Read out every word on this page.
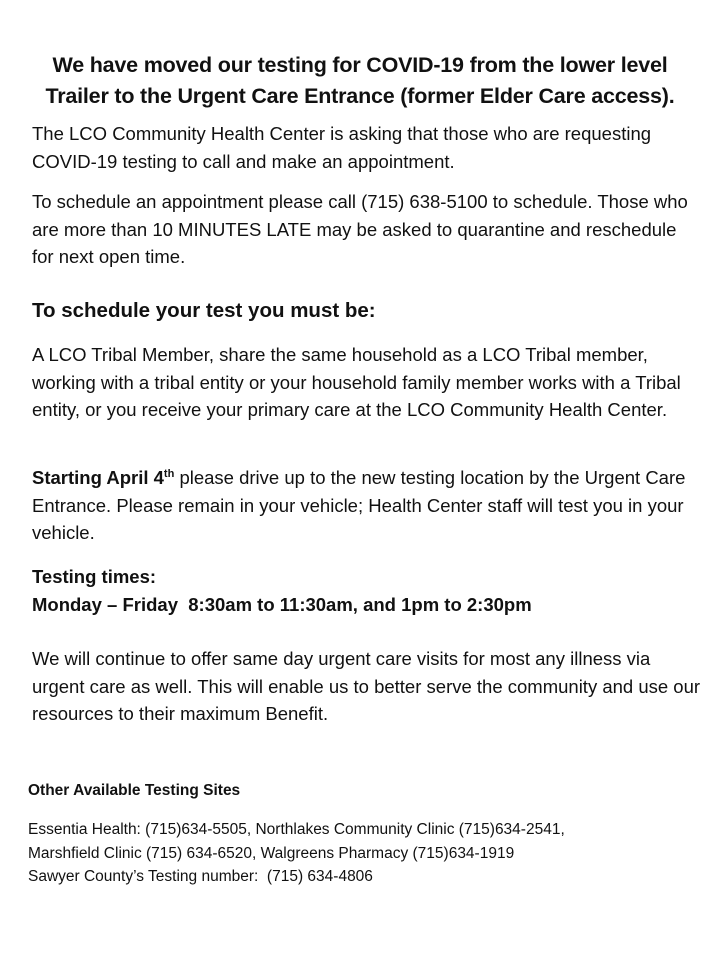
We have moved our testing for COVID-19 from the lower level
Trailer to the Urgent Care Entrance (former Elder Care access).

The LCO Community Health Center is asking that those who are requesting COVID-19 testing to call and make an appointment.

To schedule an appointment please call (715) 638-5100 to schedule. Those who are more than 10 MINUTES LATE may be asked to quarantine and reschedule for next open time.

To schedule your test you must be:

A LCO Tribal Member, share the same household as a LCO Tribal member, working with a tribal entity or your household family member works with a Tribal entity, or you receive your primary care at the LCO Community Health Center.

Starting April 4th please drive up to the new testing location by the Urgent Care Entrance. Please remain in your vehicle; Health Center staff will test you in your vehicle.

Testing times:
Monday – Friday  8:30am to 11:30am, and 1pm to 2:30pm

We will continue to offer same day urgent care visits for most any illness via urgent care as well. This will enable us to better serve the community and use our resources to their maximum Benefit.

Other Available Testing Sites
Essentia Health: (715)634-5505, Northlakes Community Clinic (715)634-2541,
Marshfield Clinic (715) 634-6520, Walgreens Pharmacy (715)634-1919
Sawyer County’s Testing number:  (715) 634-4806
